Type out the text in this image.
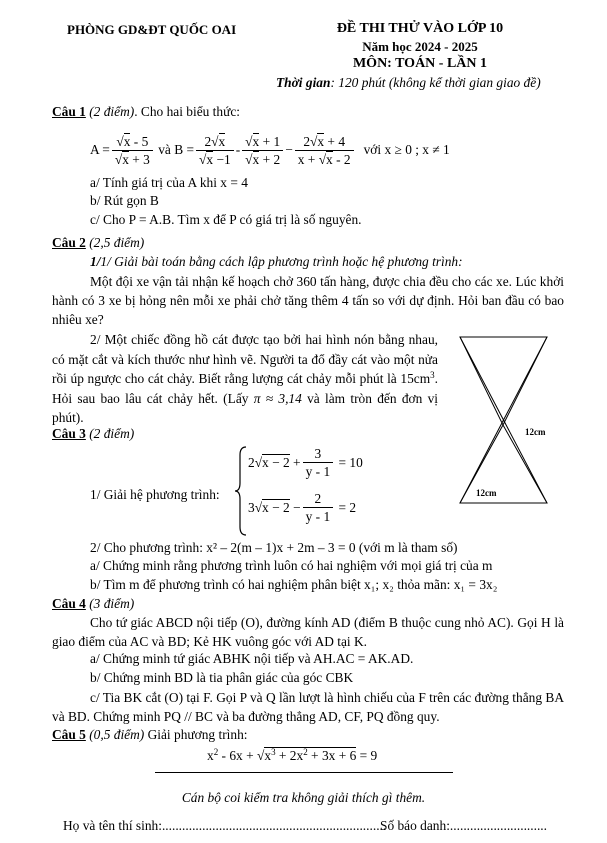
PHÒNG GD&ĐT QUỐC OAI	ĐỀ THI THỬ VÀO LỚP 10
Năm học 2024 - 2025
MÔN: TOÁN - LẦN 1
Thời gian: 120 phút (không kể thời gian giao đề)
Câu 1 (2 điểm). Cho hai biểu thức:
$A = \frac{√x - 5}{√x + 3}$ và $B = \frac{2√x}{√x -1} - \frac{√x + 1}{√x + 2} - \frac{2√x + 4}{x + √x - 2}$ với x ≥ 0 ; x ≠ 1
a/ Tính giá trị của A khi x = 4
b/ Rút gọn B
c/ Cho P = A.B. Tìm x để P có giá trị là số nguyên.
Câu 2 (2,5 điểm)
1/1/ Giải bài toán bằng cách lập phương trình hoặc hệ phương trình:
Một đội xe vận tải nhận kế hoạch chở 360 tấn hàng, được chia đều cho các xe. Lúc khởi hành có 3 xe bị hỏng nên mỗi xe phải chở tăng thêm 4 tấn so với dự định. Hỏi ban đầu có bao nhiêu xe?
2/ Một chiếc đồng hồ cát được tạo bởi hai hình nón bằng nhau, có mặt cắt và kích thước như hình vẽ. Người ta đổ đầy cát vào một nửa rồi úp ngược cho cát chảy. Biết rằng lượng cát chảy mỗi phút là $15cm^3$. Hỏi sau bao lâu cát chảy hết. (Lấy π ≈ 3,14 và làm tròn đến đơn vị phút).
12cm
12cm
Câu 3 (2 điểm)
1/ Giải hệ phương trình:
$2√x - 2 + \frac{3}{y - 1} = 10$
$3√x - 2 - \frac{2}{y - 1} = 2$
2/ Cho phương trình: x² – 2(m – 1)x + 2m – 3 = 0 (với m là tham số)
a/ Chứng minh rằng phương trình luôn có hai nghiệm với mọi giá trị của m
b/ Tìm m để phương trình có hai nghiệm phân biệt x₁; x₂ thỏa mãn: x₁ = 3x₂
Câu 4 (3 điểm)
Cho tứ giác ABCD nội tiếp (O), đường kính AD (điểm B thuộc cung nhỏ AC). Gọi H là giao điểm của AC và BD; Kẻ HK vuông góc với AD tại K.
a/ Chứng minh tứ giác ABHK nội tiếp và AH.AC = AK.AD.
b/ Chứng minh BD là tia phân giác của góc CBK
c/ Tia BK cắt (O) tại F. Gọi P và Q lần lượt là hình chiếu của F trên các đường thẳng BA và BD. Chứng minh PQ // BC và ba đường thẳng AD, CF, PQ đồng quy.
Câu 5 (0,5 điểm) Giải phương trình:
$x^2 - 6x + √x^3 + 2x^2 + 3x + 6 = 9$
Cán bộ coi kiểm tra không giải thích gì thêm.
Họ và tên thí sinh:...................................................................
Số báo danh:.............................
